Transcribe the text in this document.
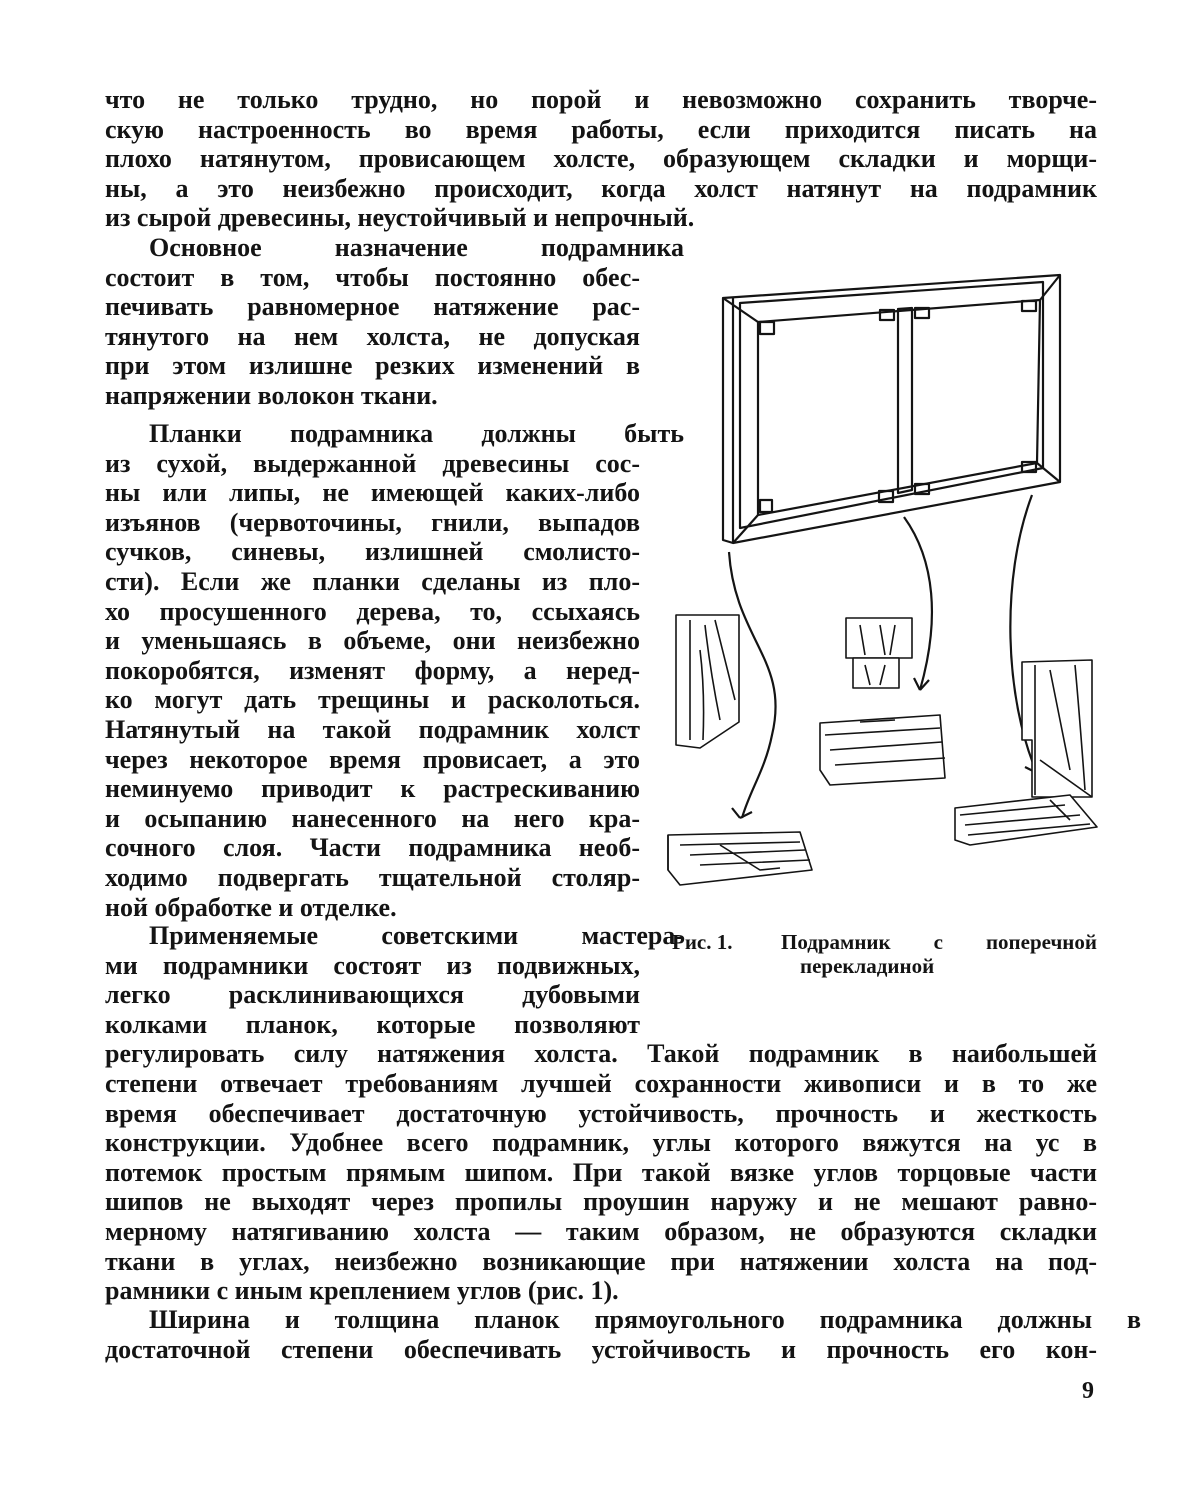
что не только трудно, но порой и невозможно сохранить творче-
скую настроенность во время работы, если приходится писать на
плохо натянутом, провисающем холсте, образующем складки и морщи-
ны, а это неизбежно происходит, когда холст натянут на подрамник
из сырой древесины, неустойчивый и непрочный.
Основное назначение подрамника
состоит в том, чтобы постоянно обес-
печивать равномерное натяжение рас-
тянутого на нем холста, не допуская
при этом излишне резких изменений в
напряжении волокон ткани.
Планки подрамника должны быть
из сухой, выдержанной древесины сос-
ны или липы, не имеющей каких-либо
изъянов (червоточины, гнили, выпадов
сучков, синевы, излишней смолисто-
сти). Если же планки сделаны из пло-
хо просушенного дерева, то, ссыхаясь
и уменьшаясь в объеме, они неизбежно
покоробятся, изменят форму, а неред-
ко могут дать трещины и расколоться.
Натянутый на такой подрамник холст
через некоторое время провисает, а это
неминуемо приводит к растрескиванию
и осыпанию нанесенного на него кра-
сочного слоя. Части подрамника необ-
ходимо подвергать тщательной столяр-
ной обработке и отделке.
Применяемые советскими мастера-
ми подрамники состоят из подвижных,
легко расклинивающихся дубовыми
колками планок, которые позволяют
регулировать силу натяжения холста. Такой подрамник в наибольшей
степени отвечает требованиям лучшей сохранности живописи и в то же
время обеспечивает достаточную устойчивость, прочность и жесткость
конструкции. Удобнее всего подрамник, углы которого вяжутся на ус в
потемок простым прямым шипом. При такой вязке углов торцовые части
шипов не выходят через пропилы проушин наружу и не мешают равно-
мерному натягиванию холста — таким образом, не образуются складки
ткани в углах, неизбежно возникающие при натяжении холста на под-
рамники с иным креплением углов (рис. 1).
Ширина и толщина планок прямоугольного подрамника должны в
достаточной степени обеспечивать устойчивость и прочность его кон-
Рис. 1. Подрамник с поперечной
перекладиной
9
